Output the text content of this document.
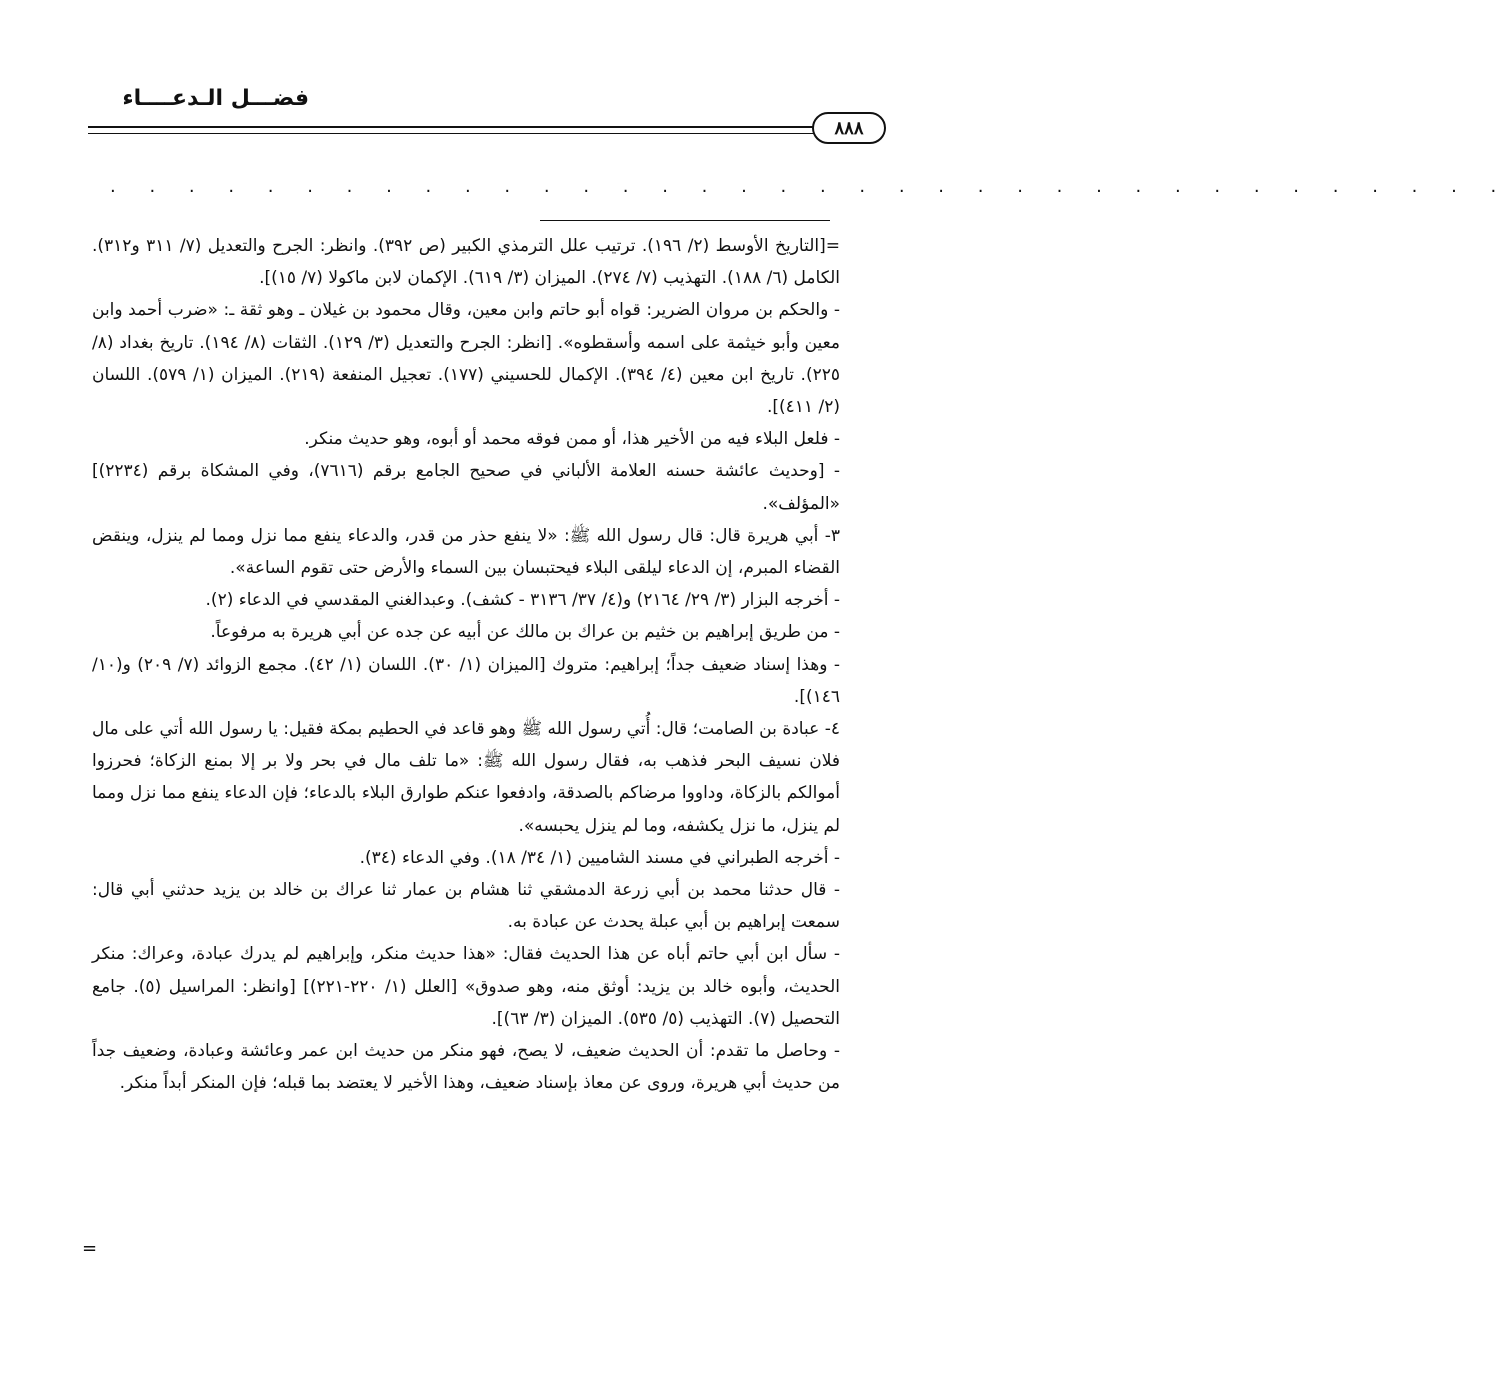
فضـــل الـدعــــاء
٨٨٨
. . . . . . . . . . . . . . . . . . . . . . . . . . . . . . . . . . . .

=[التاريخ الأوسط (٢/ ١٩٦). ترتيب علل الترمذي الكبير (ص ٣٩٢). وانظر: الجرح والتعديل (٧/ ٣١١ و٣١٢). الكامل (٦/ ١٨٨). التهذيب (٧/ ٢٧٤). الميزان (٣/ ٦١٩). الإكمان لابن ماكولا (٧/ ١٥)].

- والحكم بن مروان الضرير: قواه أبو حاتم وابن معين، وقال محمود بن غيلان ـ وهو ثقة ـ: «ضرب أحمد وابن معين وأبو خيثمة على اسمه وأسقطوه». [انظر: الجرح والتعديل (٣/ ١٢٩). الثقات (٨/ ١٩٤). تاريخ بغداد (٨/ ٢٢٥). تاريخ ابن معين (٤/ ٣٩٤). الإكمال للحسيني (١٧٧). تعجيل المنفعة (٢١٩). الميزان (١/ ٥٧٩). اللسان (٢/ ٤١١)].

- فلعل البلاء فيه من الأخير هذا، أو ممن فوقه محمد أو أبوه، وهو حديث منكر.

- [وحديث عائشة حسنه العلامة الألباني في صحيح الجامع برقم (٧٦١٦)، وفي المشكاة برقم (٢٢٣٤)] «المؤلف».

٣- أبي هريرة قال: قال رسول الله ﷺ: «لا ينفع حذر من قدر، والدعاء ينفع مما نزل ومما لم ينزل، وينقض القضاء المبرم، إن الدعاء ليلقى البلاء فيحتبسان بين السماء والأرض حتى تقوم الساعة».

- أخرجه البزار (٣/ ٢٩/ ٢١٦٤) و(٤/ ٣٧/ ٣١٣٦ - كشف). وعبدالغني المقدسي في الدعاء (٢).

- من طريق إبراهيم بن خثيم بن عراك بن مالك عن أبيه عن جده عن أبي هريرة به مرفوعاً.

- وهذا إسناد ضعيف جداً؛ إبراهيم: متروك [الميزان (١/ ٣٠). اللسان (١/ ٤٢). مجمع الزوائد (٧/ ٢٠٩) و(١٠/ ١٤٦)].

٤- عبادة بن الصامت؛ قال: أُتي رسول الله ﷺ وهو قاعد في الحطيم بمكة فقيل: يا رسول الله أتي على مال فلان نسيف البحر فذهب به، فقال رسول الله ﷺ: «ما تلف مال في بحر ولا بر إلا بمنع الزكاة؛ فحرزوا أموالكم بالزكاة، وداووا مرضاكم بالصدقة، وادفعوا عنكم طوارق البلاء بالدعاء؛ فإن الدعاء ينفع مما نزل ومما لم ينزل، ما نزل يكشفه، وما لم ينزل يحبسه».

- أخرجه الطبراني في مسند الشاميين (١/ ٣٤/ ١٨). وفي الدعاء (٣٤).

- قال حدثنا محمد بن أبي زرعة الدمشقي ثنا هشام بن عمار ثنا عراك بن خالد بن يزيد حدثني أبي قال: سمعت إبراهيم بن أبي عبلة يحدث عن عبادة به.

- سأل ابن أبي حاتم أباه عن هذا الحديث فقال: «هذا حديث منكر، وإبراهيم لم يدرك عبادة، وعراك: منكر الحديث، وأبوه خالد بن يزيد: أوثق منه، وهو صدوق» [العلل (١/ ٢٢٠-٢٢١)] [وانظر: المراسيل (٥). جامع التحصيل (٧). التهذيب (٥/ ٥٣٥). الميزان (٣/ ٦٣)].

- وحاصل ما تقدم: أن الحديث ضعيف، لا يصح، فهو منكر من حديث ابن عمر وعائشة وعبادة، وضعيف جداً من حديث أبي هريرة، وروى عن معاذ بإسناد ضعيف، وهذا الأخير لا يعتضد بما قبله؛ فإن المنكر أبداً منكر.

=
